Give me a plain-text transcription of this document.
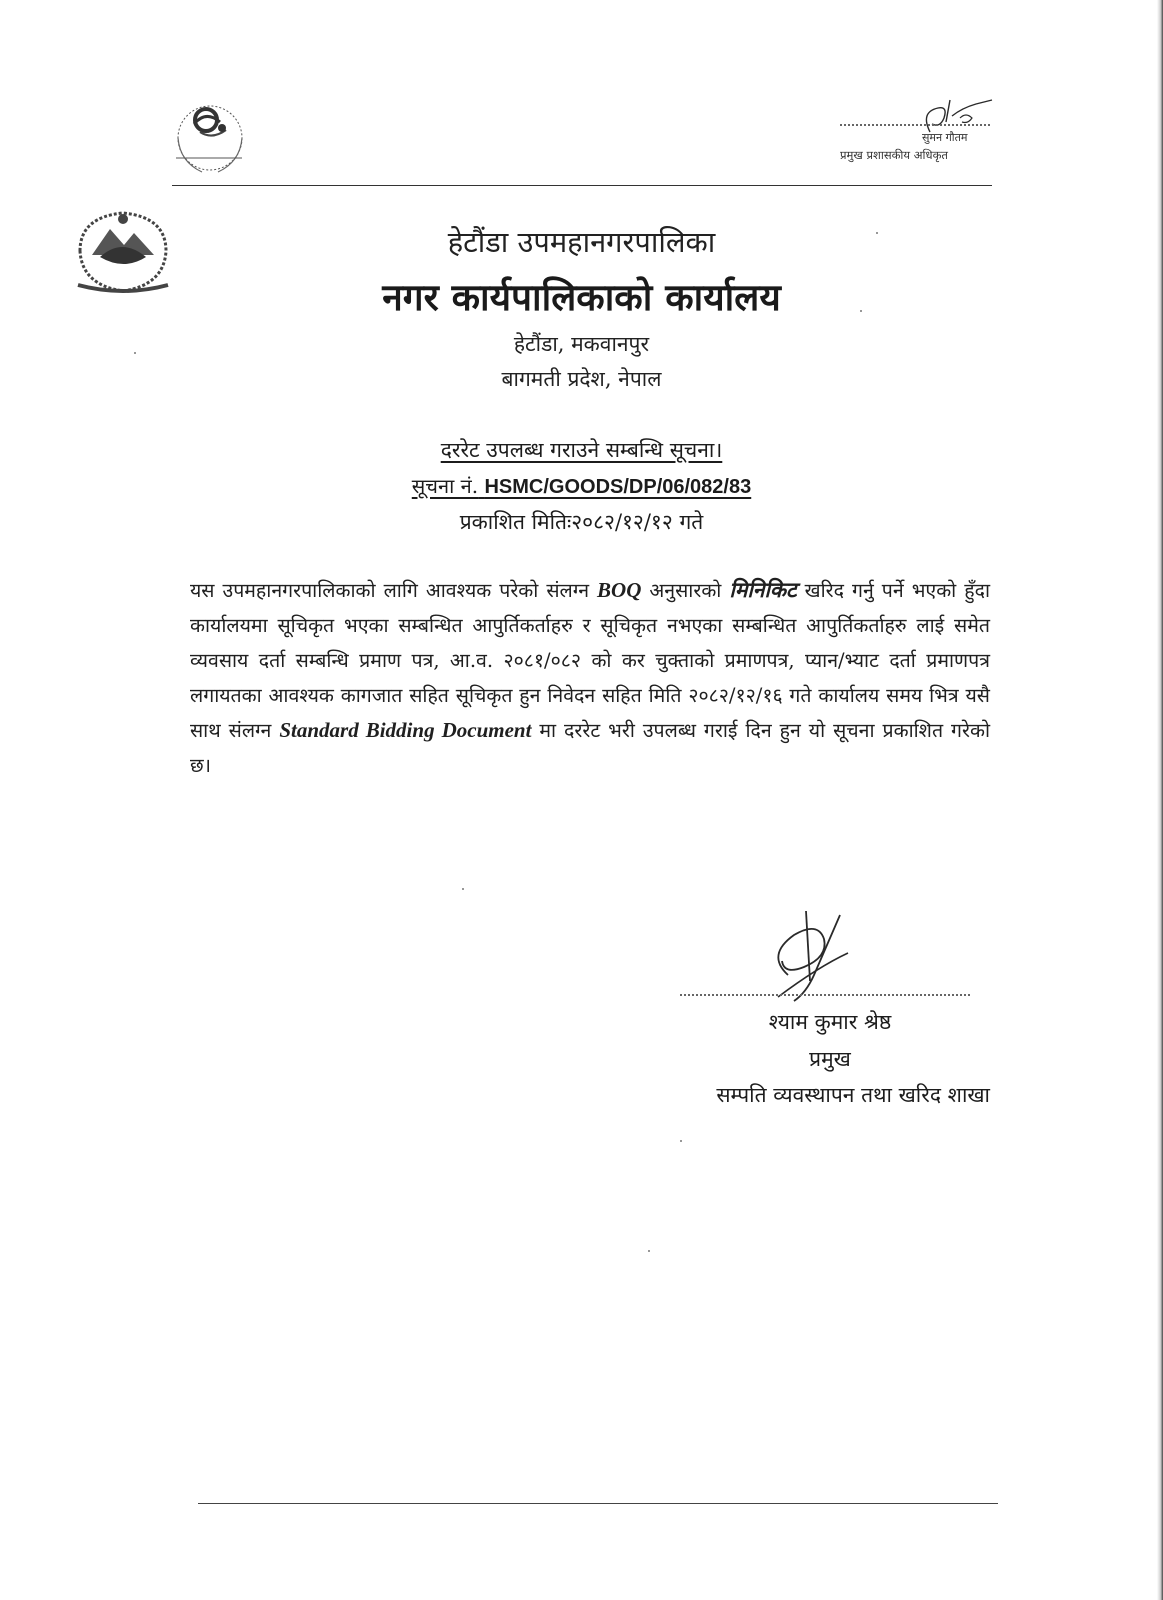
सुमन गौतम
प्रमुख प्रशासकीय अधिकृत
हेटौंडा उपमहानगरपालिका
नगर कार्यपालिकाको कार्यालय
हेटौंडा, मकवानपुर
बागमती प्रदेश, नेपाल
दररेट उपलब्ध गराउने सम्बन्धि सूचना।
सूचना नं. HSMC/GOODS/DP/06/082/83
प्रकाशित मितिः२०८२/१२/१२ गते
यस उपमहानगरपालिकाको लागि आवश्यक परेको संलग्न BOQ अनुसारको मिनिकिट खरिद गर्नु पर्ने भएको हुँदा कार्यालयमा सूचिकृत भएका सम्बन्धित आपुर्तिकर्ताहरु र सूचिकृत नभएका सम्बन्धित आपुर्तिकर्ताहरु लाई समेत व्यवसाय दर्ता सम्बन्धि प्रमाण पत्र, आ.व. २०८१/०८२ को कर चुक्ताको प्रमाणपत्र, प्यान/भ्याट दर्ता प्रमाणपत्र लगायतका आवश्यक कागजात सहित सूचिकृत हुन निवेदन सहित मिति २०८२/१२/१६ गते कार्यालय समय भित्र यसै साथ संलग्न Standard Bidding Document मा दररेट भरी उपलब्ध गराई दिन हुन यो सूचना प्रकाशित गरेको छ।
श्याम कुमार श्रेष्ठ
प्रमुख
सम्पति व्यवस्थापन तथा खरिद शाखा
